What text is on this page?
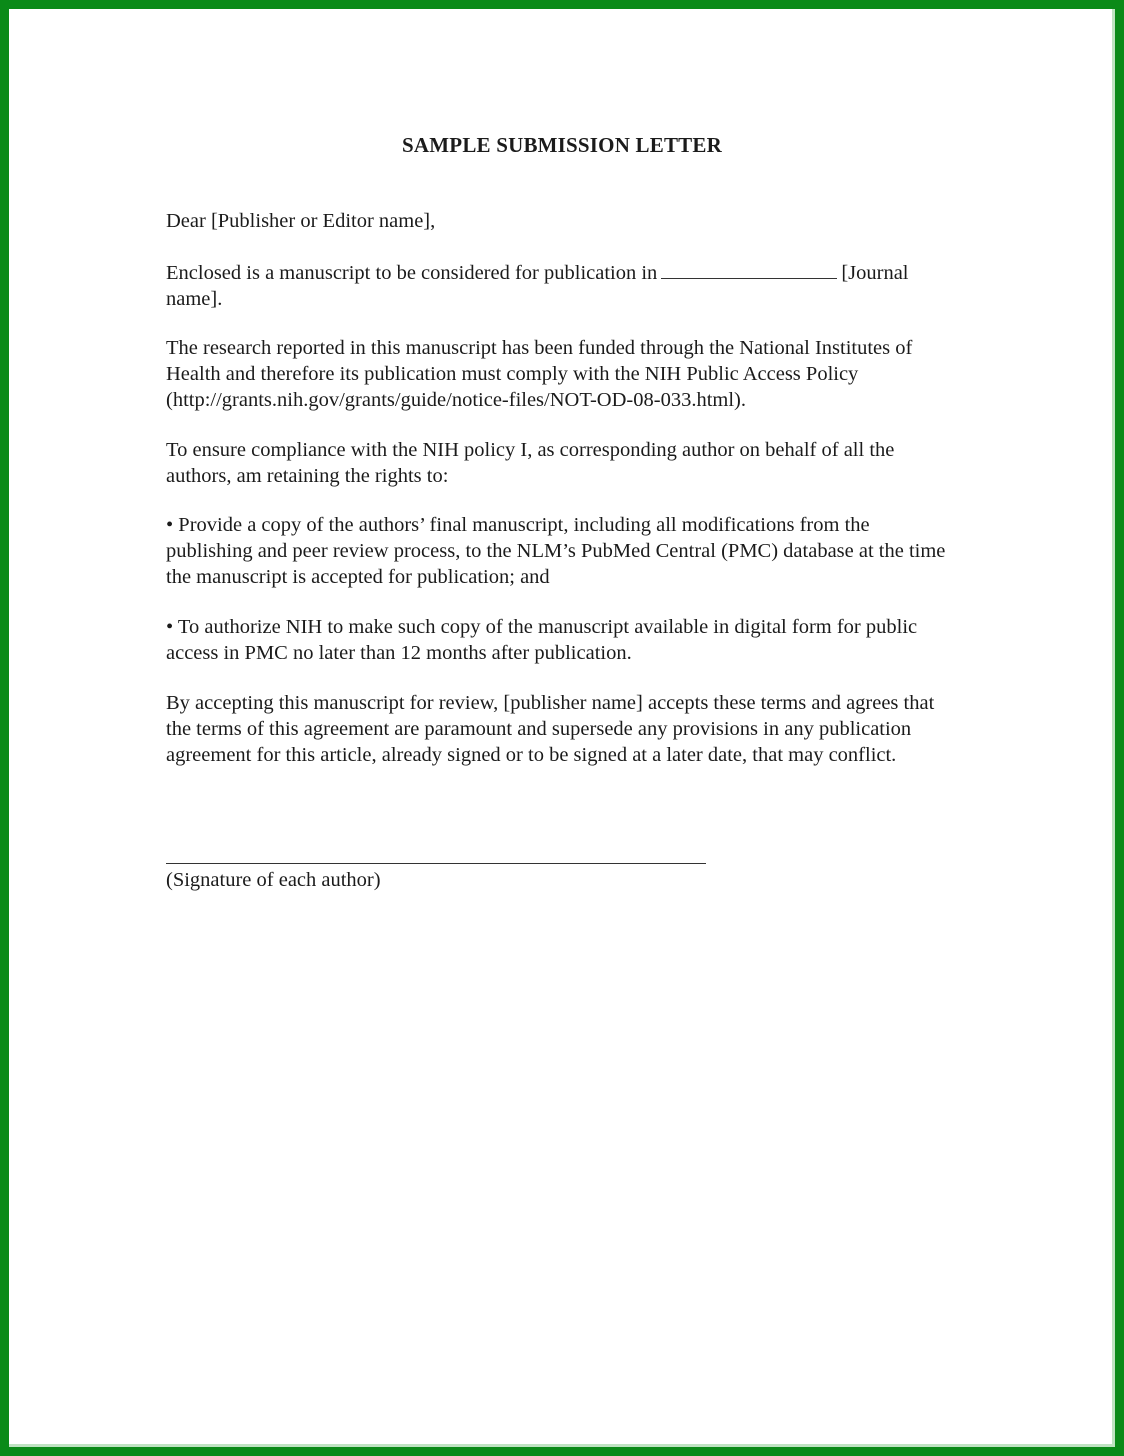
SAMPLE SUBMISSION LETTER

Dear [Publisher or Editor name],

Enclosed is a manuscript to be considered for publication in	[Journal name].

The research reported in this manuscript has been funded through the National Institutes of Health and therefore its publication must comply with the NIH Public Access Policy (http://grants.nih.gov/grants/guide/notice-files/NOT-OD-08-033.html).

To ensure compliance with the NIH policy I, as corresponding author on behalf of all the authors, am retaining the rights to:

• Provide a copy of the authors’ final manuscript, including all modifications from the publishing and peer review process, to the NLM’s PubMed Central (PMC) database at the time the manuscript is accepted for publication; and

• To authorize NIH to make such copy of the manuscript available in digital form for public access in PMC no later than 12 months after publication.

By accepting this manuscript for review, [publisher name] accepts these terms and agrees that the terms of this agreement are paramount and supersede any provisions in any publication agreement for this article, already signed or to be signed at a later date, that may conflict.

(Signature of each author)
